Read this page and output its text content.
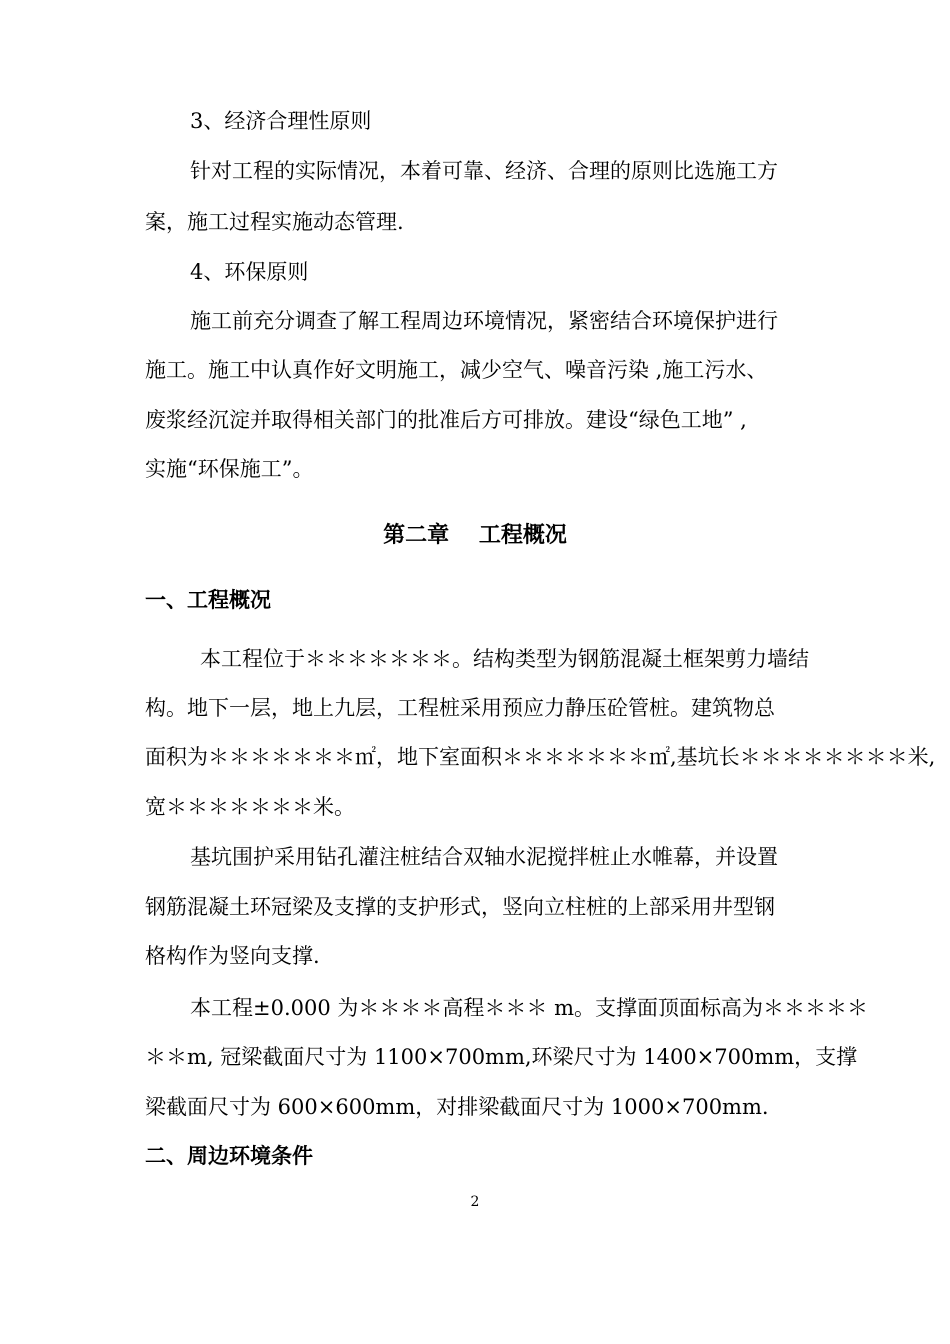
3、经济合理性原则
针对工程的实际情况，本着可靠、经济、合理的原则比选施工方
案，施工过程实施动态管理.
4、环保原则
施工前充分调查了解工程周边环境情况，紧密结合环境保护进行
施工。施工中认真作好文明施工，减少空气、噪音污染 ,施工污水、
废浆经沉淀并取得相关部门的批准后方可排放。建设“绿色工地” ,
实施“环保施工”。
第二章　 工程概况
一、工程概况
本工程位于＊＊＊＊＊＊＊。结构类型为钢筋混凝土框架剪力墙结
构。地下一层，地上九层，工程桩采用预应力静压砼管桩。建筑物总
面积为＊＊＊＊＊＊＊㎡，地下室面积＊＊＊＊＊＊＊㎡,基坑长＊＊＊＊＊＊＊＊米,
宽＊＊＊＊＊＊＊米。
基坑围护采用钻孔灌注桩结合双轴水泥搅拌桩止水帷幕，并设置
钢筋混凝土环冠梁及支撑的支护形式，竖向立柱桩的上部采用井型钢
格构作为竖向支撑.
本工程±0.000 为＊＊＊＊高程＊＊＊ m。支撑面顶面标高为＊＊＊＊＊
＊＊m, 冠梁截面尺寸为 1100×700mm,环梁尺寸为 1400×700mm，支撑
梁截面尺寸为 600×600mm，对排梁截面尺寸为 1000×700mm.
二、周边环境条件
2
